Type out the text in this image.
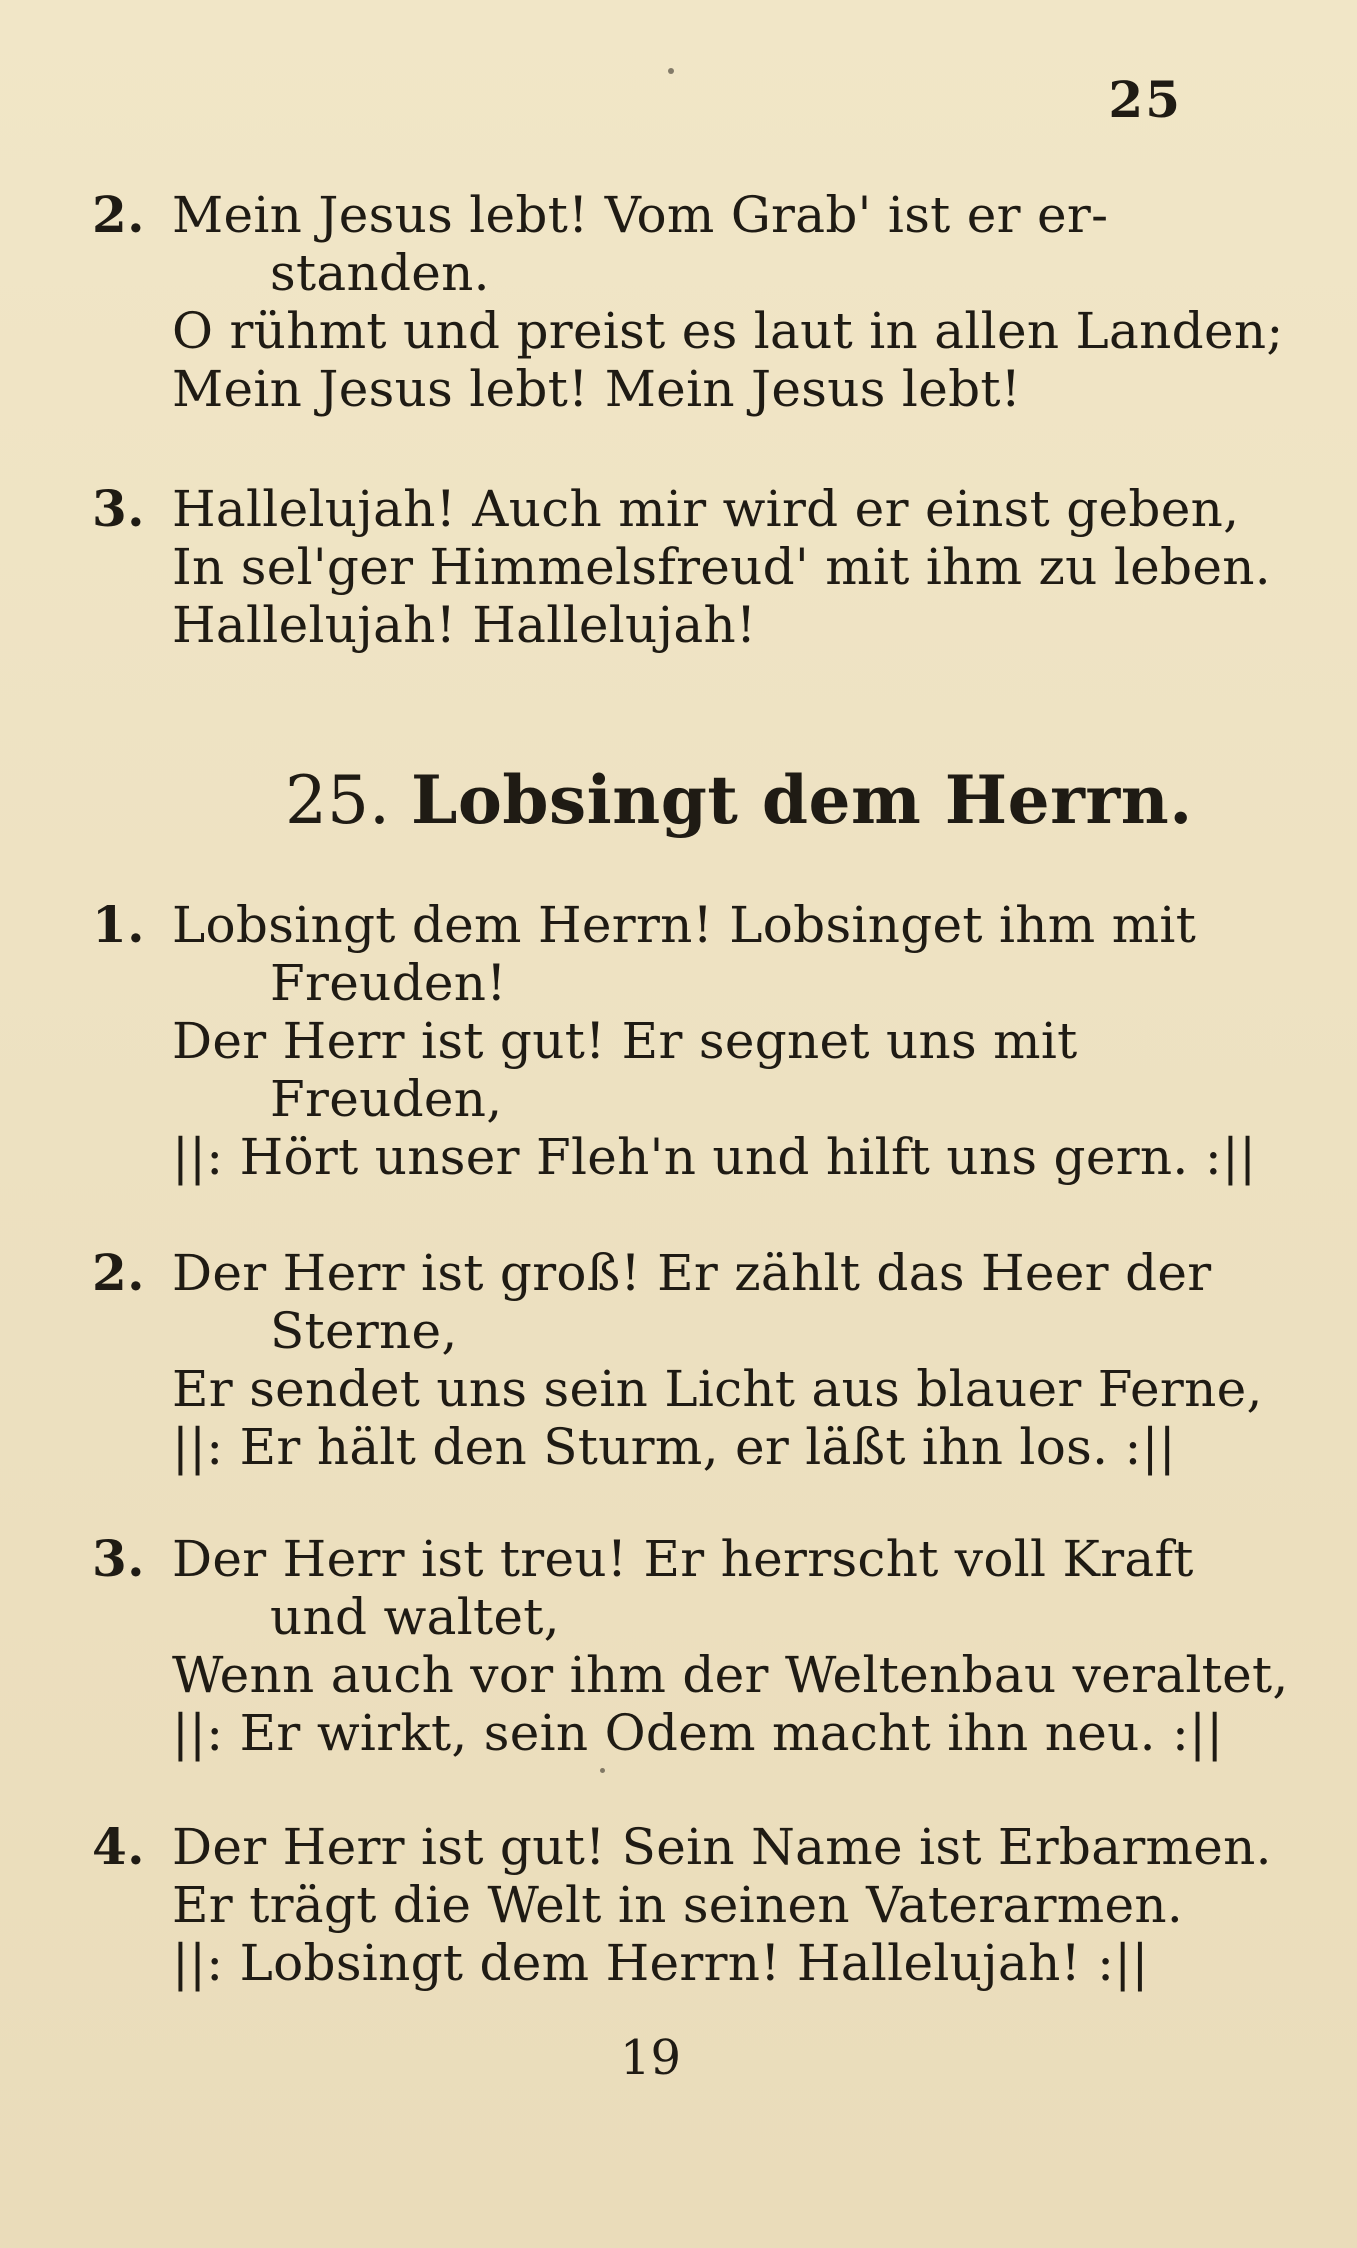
25
2. Mein Jesus lebt! Vom Grab' ist er er-
standen.
O rühmt und preist es laut in allen Landen;
Mein Jesus lebt! Mein Jesus lebt!
3. Hallelujah! Auch mir wird er einst geben,
In sel'ger Himmelsfreud' mit ihm zu leben.
Hallelujah! Hallelujah!
25. Lobsingt dem Herrn.
1. Lobsingt dem Herrn! Lobsinget ihm mit
Freuden!
Der Herr ist gut! Er segnet uns mit
Freuden,
||: Hört unser Fleh'n und hilft uns gern. :||
2. Der Herr ist groß! Er zählt das Heer der
Sterne,
Er sendet uns sein Licht aus blauer Ferne,
||: Er hält den Sturm, er läßt ihn los. :||
3. Der Herr ist treu! Er herrscht voll Kraft
und waltet,
Wenn auch vor ihm der Weltenbau veraltet,
||: Er wirkt, sein Odem macht ihn neu. :||
4. Der Herr ist gut! Sein Name ist Erbarmen.
Er trägt die Welt in seinen Vaterarmen.
||: Lobsingt dem Herrn! Hallelujah! :||
19
